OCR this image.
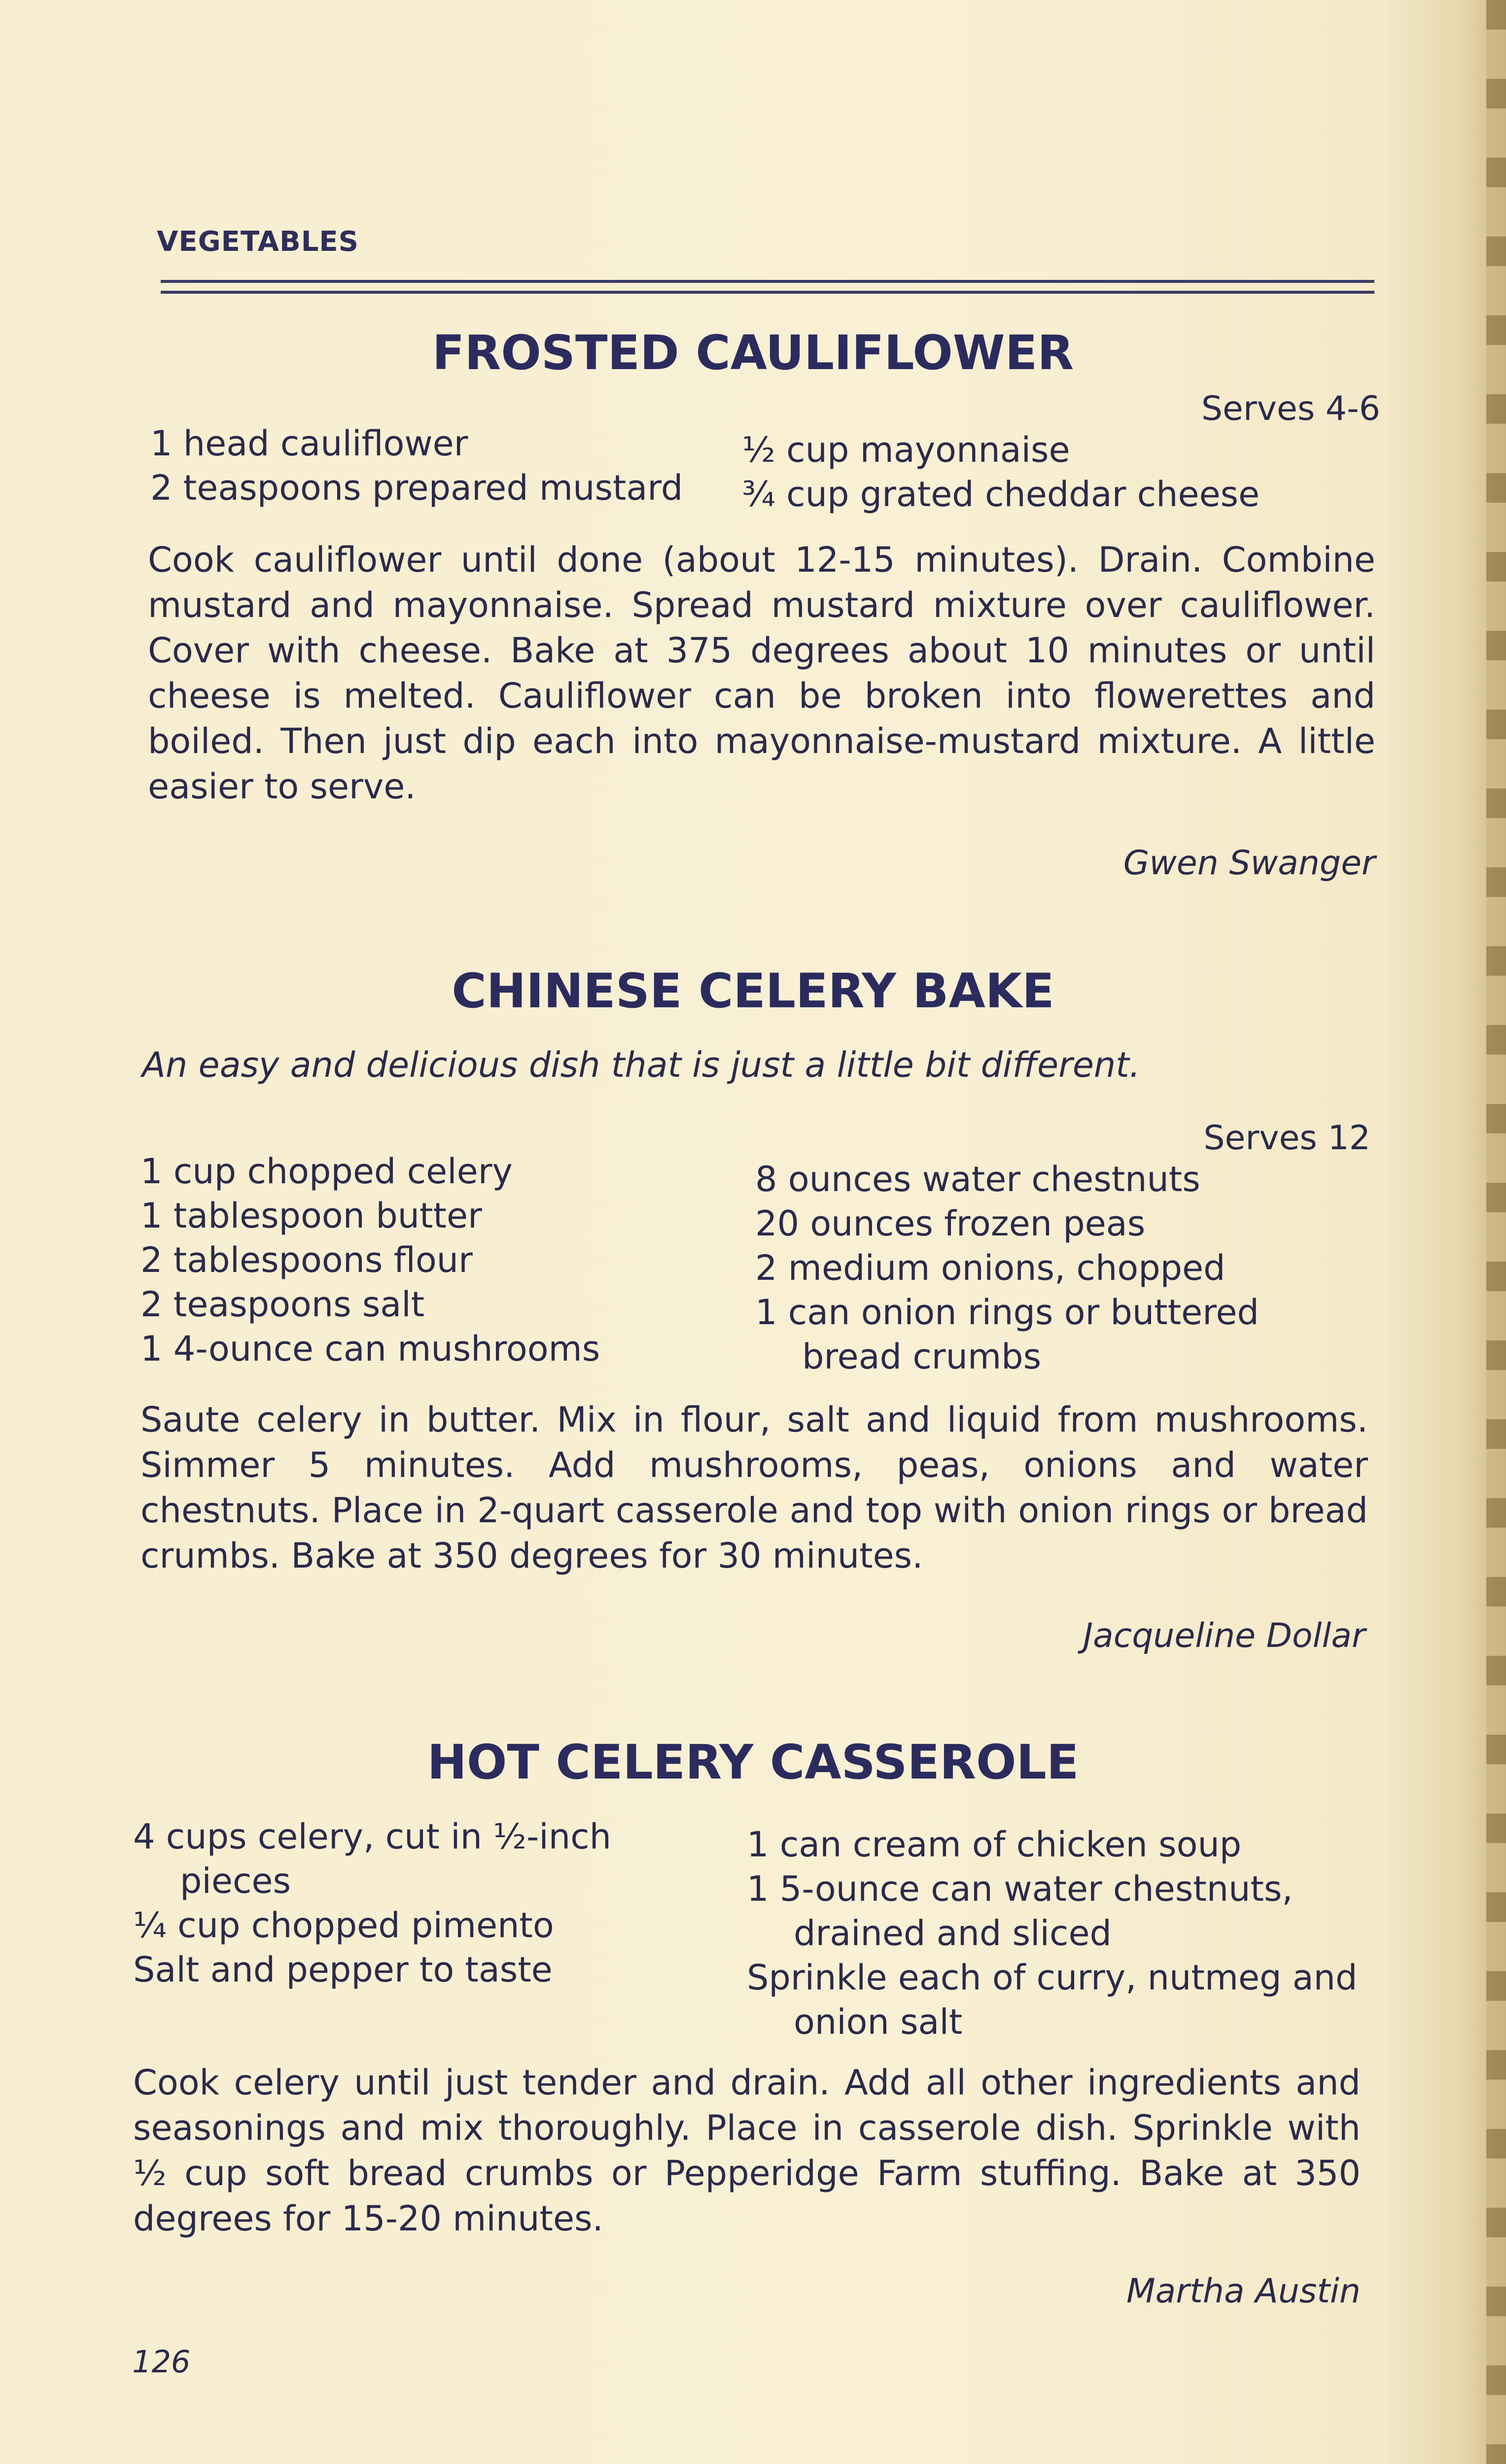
VEGETABLES
FROSTED CAULIFLOWER
Serves 4-6
1 head cauliflower
2 teaspoons prepared mustard
½ cup mayonnaise
¾ cup grated cheddar cheese
Cook cauliflower until done (about 12-15 minutes). Drain. Combine mustard and mayonnaise. Spread mustard mixture over cauliflower. Cover with cheese. Bake at 375 degrees about 10 minutes or until cheese is melted. Cauliflower can be broken into flowerettes and boiled. Then just dip each into mayonnaise-mustard mixture. A little easier to serve.
Gwen Swanger
CHINESE CELERY BAKE
An easy and delicious dish that is just a little bit different.
Serves 12
1 cup chopped celery
1 tablespoon butter
2 tablespoons flour
2 teaspoons salt
1 4-ounce can mushrooms
8 ounces water chestnuts
20 ounces frozen peas
2 medium onions, chopped
1 can onion rings or buttered
bread crumbs
Saute celery in butter. Mix in flour, salt and liquid from mushrooms. Simmer 5 minutes. Add mushrooms, peas, onions and water chestnuts. Place in 2-quart casserole and top with onion rings or bread crumbs. Bake at 350 degrees for 30 minutes.
Jacqueline Dollar
HOT CELERY CASSEROLE
4 cups celery, cut in ½-inch
pieces
¼ cup chopped pimento
Salt and pepper to taste
1 can cream of chicken soup
1 5-ounce can water chestnuts,
drained and sliced
Sprinkle each of curry, nutmeg and
onion salt
Cook celery until just tender and drain. Add all other ingredients and seasonings and mix thoroughly. Place in casserole dish. Sprinkle with ½ cup soft bread crumbs or Pepperidge Farm stuffing. Bake at 350 degrees for 15-20 minutes.
Martha Austin
126
